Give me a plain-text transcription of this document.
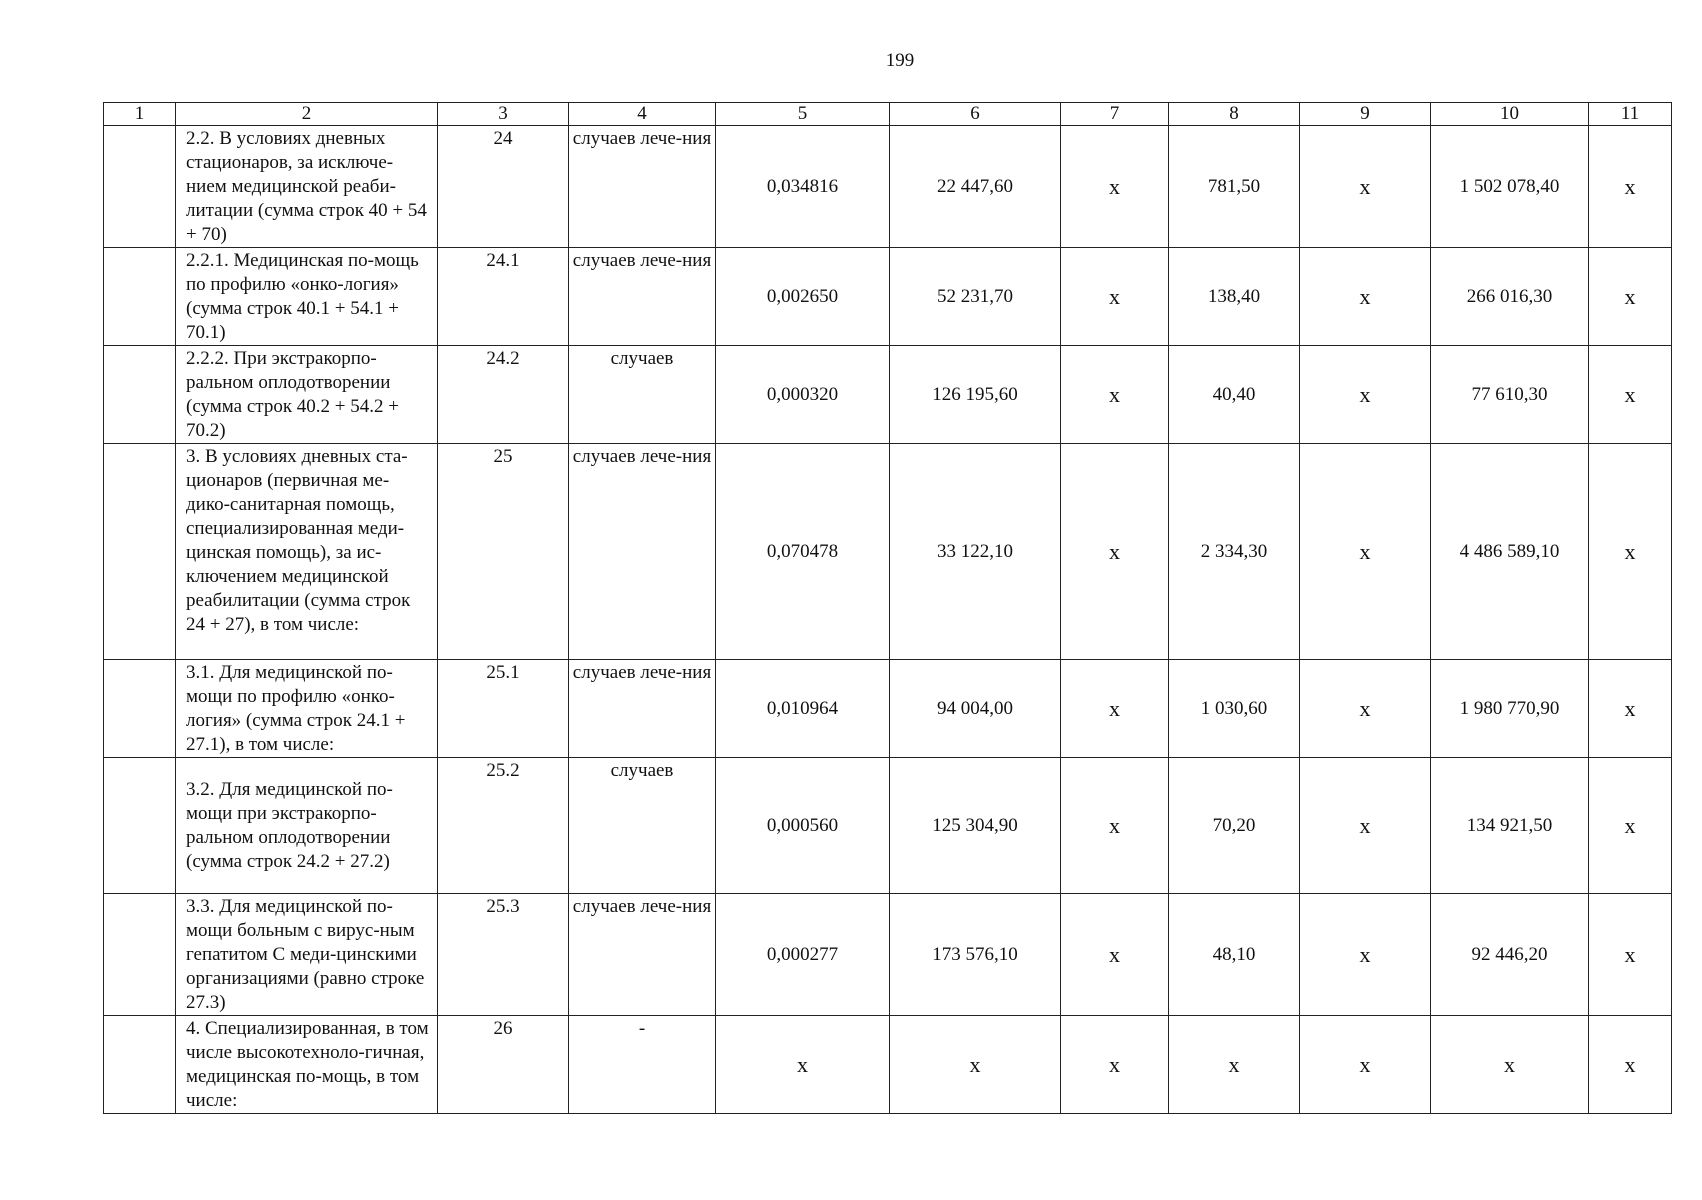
199
1	2	3	4	5	6	7	8	9	10	11
	2.2. В условиях дневных стационаров, за исключе-нием медицинской реаби-литации (сумма строк 40 + 54 + 70)	24	случаев лече-ния	0,034816	22 447,60	х	781,50	х	1 502 078,40	х
	2.2.1. Медицинская по-мощь по профилю «онко-логия» (сумма строк 40.1 + 54.1 + 70.1)	24.1	случаев лече-ния	0,002650	52 231,70	х	138,40	х	266 016,30	х
	2.2.2. При экстракорпо-ральном оплодотворении (сумма строк 40.2 + 54.2 + 70.2)	24.2	случаев	0,000320	126 195,60	х	40,40	х	77 610,30	х
	3. В условиях дневных ста-ционаров (первичная ме-дико-санитарная помощь, специализированная меди-цинская помощь), за ис-ключением медицинской реабилитации (сумма строк 24 + 27), в том числе:	25	случаев лече-ния	0,070478	33 122,10	х	2 334,30	х	4 486 589,10	х
	3.1. Для медицинской по-мощи по профилю «онко-логия» (сумма строк 24.1 + 27.1), в том числе:	25.1	случаев лече-ния	0,010964	94 004,00	х	1 030,60	х	1 980 770,90	х
	3.2. Для медицинской по-мощи при экстракорпо-ральном оплодотворении (сумма строк 24.2 + 27.2)	25.2	случаев	0,000560	125 304,90	х	70,20	х	134 921,50	х
	3.3. Для медицинской по-мощи больным с вирус-ным гепатитом С меди-цинскими организациями (равно строке 27.3)	25.3	случаев лече-ния	0,000277	173 576,10	х	48,10	х	92 446,20	х
	4. Специализированная, в том числе высокотехноло-гичная, медицинская по-мощь, в том числе:	26	-	х	х	х	х	х	х	х
